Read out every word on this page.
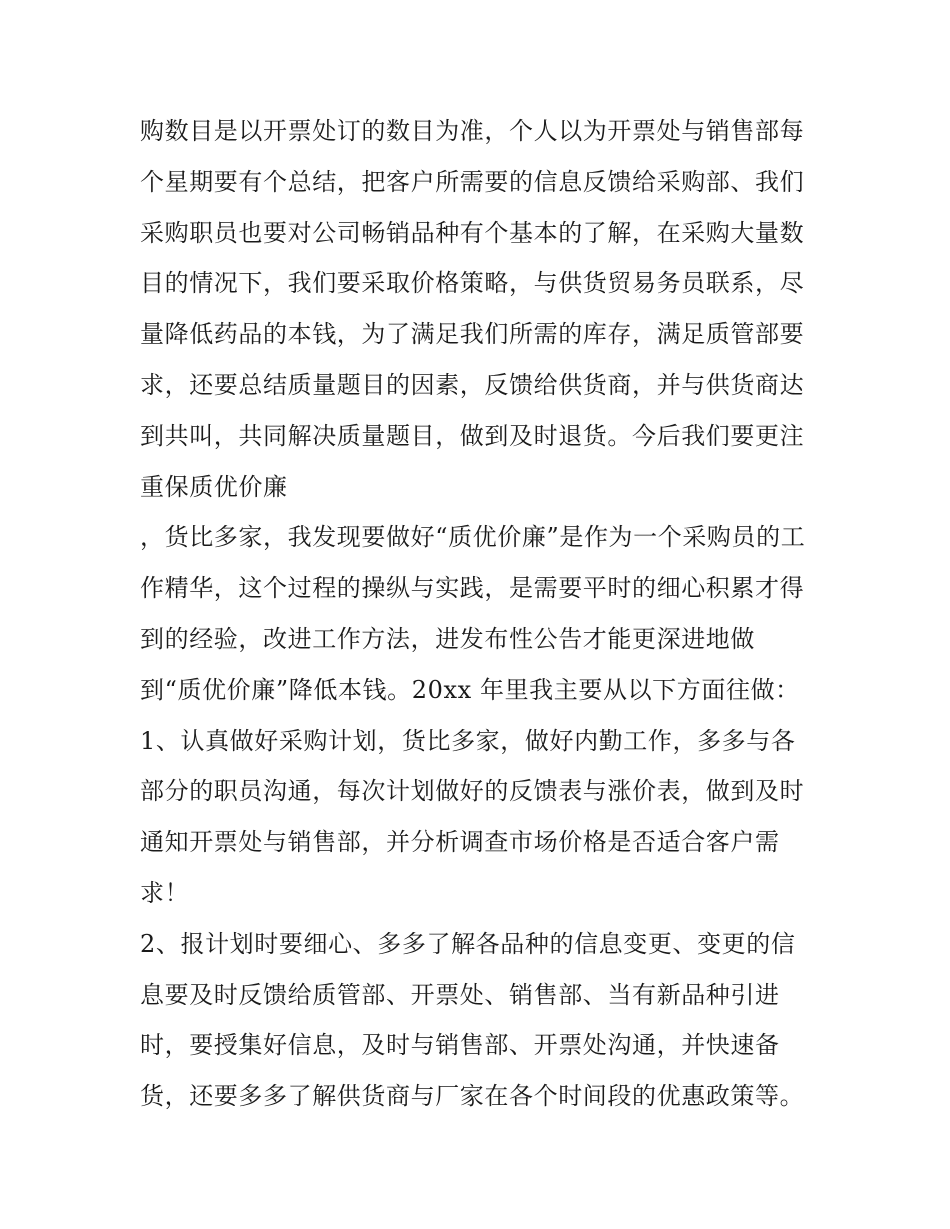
购数目是以开票处订的数目为准，个人以为开票处与销售部每
个星期要有个总结，把客户所需要的信息反馈给采购部、我们
采购职员也要对公司畅销品种有个基本的了解，在采购大量数
目的情况下，我们要采取价格策略，与供货贸易务员联系，尽
量降低药品的本钱，为了满足我们所需的库存，满足质管部要
求，还要总结质量题目的因素，反馈给供货商，并与供货商达
到共叫，共同解决质量题目，做到及时退货。今后我们要更注
重保质优价廉
，货比多家，我发现要做好“质优价廉”是作为一个采购员的工
作精华，这个过程的操纵与实践，是需要平时的细心积累才得
到的经验，改进工作方法，进发布性公告才能更深进地做
到“质优价廉”降低本钱。20xx 年里我主要从以下方面往做：
1、认真做好采购计划，货比多家，做好内勤工作，多多与各
部分的职员沟通，每次计划做好的反馈表与涨价表，做到及时
通知开票处与销售部，并分析调查市场价格是否适合客户需
求！
2、报计划时要细心、多多了解各品种的信息变更、变更的信
息要及时反馈给质管部、开票处、销售部、当有新品种引进
时，要授集好信息，及时与销售部、开票处沟通，并快速备
货，还要多多了解供货商与厂家在各个时间段的优惠政策等。
